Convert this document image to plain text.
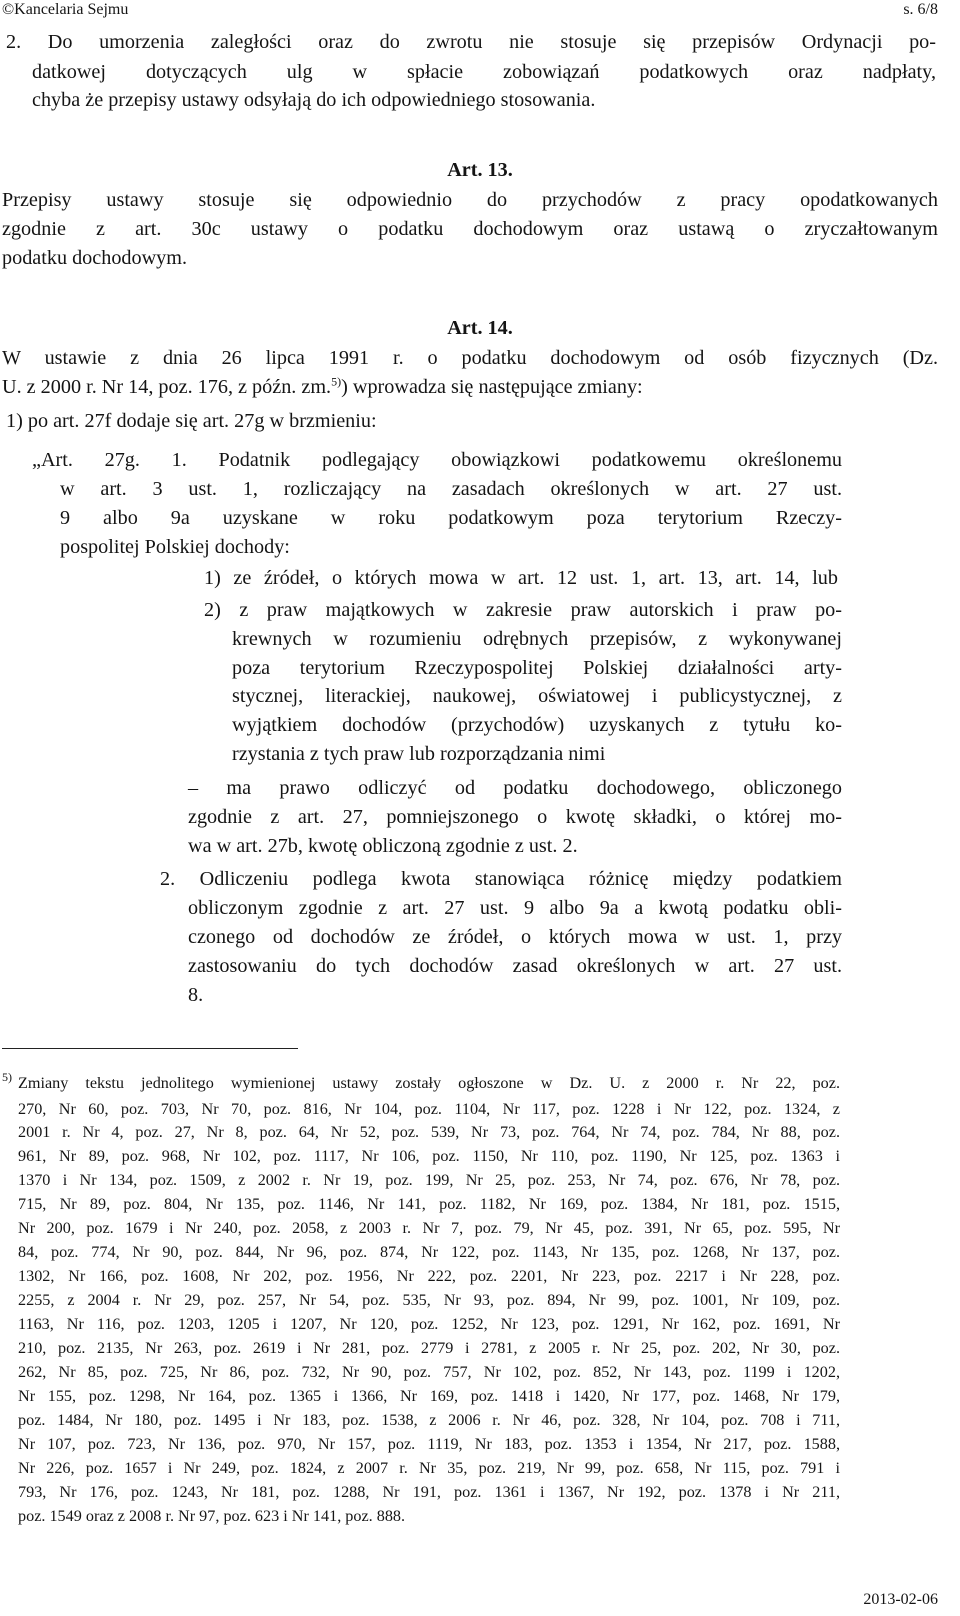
©Kancelaria Sejmu	s. 6/8
2. Do umorzenia zaległości oraz do zwrotu nie stosuje się przepisów Ordynacji po-
datkowej dotyczących ulg w spłacie zobowiązań podatkowych oraz nadpłaty,
chyba że przepisy ustawy odsyłają do ich odpowiedniego stosowania.
Art. 13.
Przepisy ustawy stosuje się odpowiednio do przychodów z pracy opodatkowanych
zgodnie z art. 30c ustawy o podatku dochodowym oraz ustawą o zryczałtowanym
podatku dochodowym.
Art. 14.
W ustawie z dnia 26 lipca 1991 r. o podatku dochodowym od osób fizycznych (Dz.
U. z 2000 r. Nr 14, poz. 176, z późn. zm.$^{5)}$) wprowadza się następujące zmiany:
1) po art. 27f dodaje się art. 27g w brzmieniu:
„Art. 27g. 1. Podatnik podlegający obowiązkowi podatkowemu określonemu
w art. 3 ust. 1, rozliczający na zasadach określonych w art. 27 ust.
9 albo 9a uzyskane w roku podatkowym poza terytorium Rzeczy-
pospolitej Polskiej dochody:
1) ze źródeł, o których mowa w art. 12 ust. 1, art. 13, art. 14, lub
2) z praw majątkowych w zakresie praw autorskich i praw po-
krewnych w rozumieniu odrębnych przepisów, z wykonywanej
poza terytorium Rzeczypospolitej Polskiej działalności arty-
stycznej, literackiej, naukowej, oświatowej i publicystycznej, z
wyjątkiem dochodów (przychodów) uzyskanych z tytułu ko-
rzystania z tych praw lub rozporządzania nimi
– ma prawo odliczyć od podatku dochodowego, obliczonego
zgodnie z art. 27, pomniejszonego o kwotę składki, o której mo-
wa w art. 27b, kwotę obliczoną zgodnie z ust. 2.
2. Odliczeniu podlega kwota stanowiąca różnicę między podatkiem
obliczonym zgodnie z art. 27 ust. 9 albo 9a a kwotą podatku obli-
czonego od dochodów ze źródeł, o których mowa w ust. 1, przy
zastosowaniu do tych dochodów zasad określonych w art. 27 ust.
8.
5) Zmiany tekstu jednolitego wymienionej ustawy zostały ogłoszone w Dz. U. z 2000 r. Nr 22, poz.
270, Nr 60, poz. 703, Nr 70, poz. 816, Nr 104, poz. 1104, Nr 117, poz. 1228 i Nr 122, poz. 1324, z
2001 r. Nr 4, poz. 27, Nr 8, poz. 64, Nr 52, poz. 539, Nr 73, poz. 764, Nr 74, poz. 784, Nr 88, poz.
961, Nr 89, poz. 968, Nr 102, poz. 1117, Nr 106, poz. 1150, Nr 110, poz. 1190, Nr 125, poz. 1363 i
1370 i Nr 134, poz. 1509, z 2002 r. Nr 19, poz. 199, Nr 25, poz. 253, Nr 74, poz. 676, Nr 78, poz.
715, Nr 89, poz. 804, Nr 135, poz. 1146, Nr 141, poz. 1182, Nr 169, poz. 1384, Nr 181, poz. 1515,
Nr 200, poz. 1679 i Nr 240, poz. 2058, z 2003 r. Nr 7, poz. 79, Nr 45, poz. 391, Nr 65, poz. 595, Nr
84, poz. 774, Nr 90, poz. 844, Nr 96, poz. 874, Nr 122, poz. 1143, Nr 135, poz. 1268, Nr 137, poz.
1302, Nr 166, poz. 1608, Nr 202, poz. 1956, Nr 222, poz. 2201, Nr 223, poz. 2217 i Nr 228, poz.
2255, z 2004 r. Nr 29, poz. 257, Nr 54, poz. 535, Nr 93, poz. 894, Nr 99, poz. 1001, Nr 109, poz.
1163, Nr 116, poz. 1203, 1205 i 1207, Nr 120, poz. 1252, Nr 123, poz. 1291, Nr 162, poz. 1691, Nr
210, poz. 2135, Nr 263, poz. 2619 i Nr 281, poz. 2779 i 2781, z 2005 r. Nr 25, poz. 202, Nr 30, poz.
262, Nr 85, poz. 725, Nr 86, poz. 732, Nr 90, poz. 757, Nr 102, poz. 852, Nr 143, poz. 1199 i 1202,
Nr 155, poz. 1298, Nr 164, poz. 1365 i 1366, Nr 169, poz. 1418 i 1420, Nr 177, poz. 1468, Nr 179,
poz. 1484, Nr 180, poz. 1495 i Nr 183, poz. 1538, z 2006 r. Nr 46, poz. 328, Nr 104, poz. 708 i 711,
Nr 107, poz. 723, Nr 136, poz. 970, Nr 157, poz. 1119, Nr 183, poz. 1353 i 1354, Nr 217, poz. 1588,
Nr 226, poz. 1657 i Nr 249, poz. 1824, z 2007 r. Nr 35, poz. 219, Nr 99, poz. 658, Nr 115, poz. 791 i
793, Nr 176, poz. 1243, Nr 181, poz. 1288, Nr 191, poz. 1361 i 1367, Nr 192, poz. 1378 i Nr 211,
poz. 1549 oraz z 2008 r. Nr 97, poz. 623 i Nr 141, poz. 888.
2013-02-06
